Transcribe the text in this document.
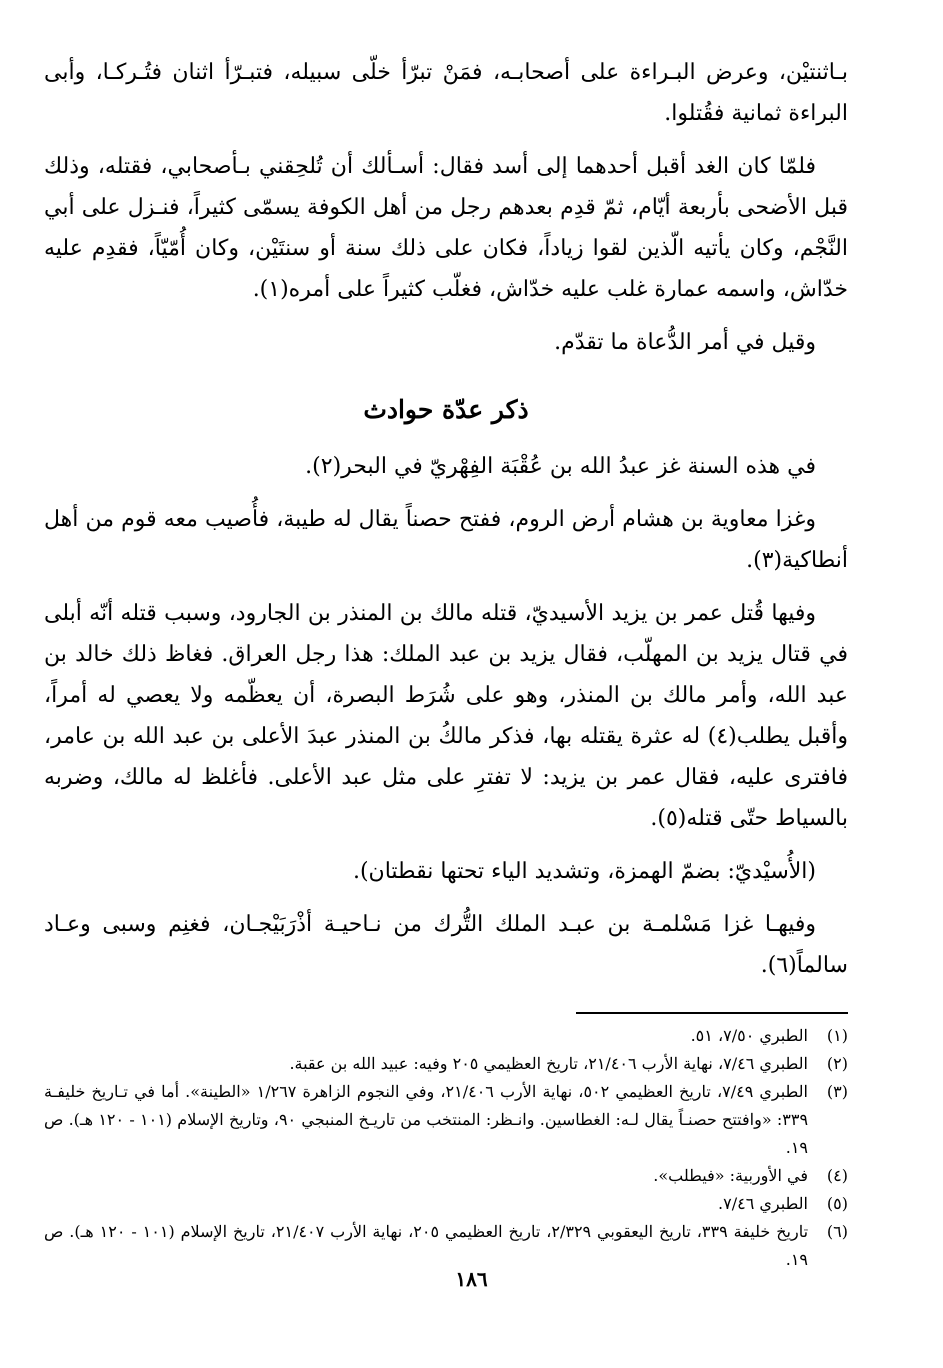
بـاثنتيْن، وعرض البـراءة على أصحابـه، فمَنْ تبرّأ خلّى سبيله، فتبـرّأ اثنان فتُـركـا، وأبى البراءة ثمانية فقُتلوا.

فلمّا كان الغد أقبل أحدهما إلى أسد فقال: أسـألك أن تُلحِقني بـأصحابي، فقتله، وذلك قبل الأضحى بأربعة أيّام، ثمّ قدِم بعدهم رجل من أهل الكوفة يسمّى كثيراً، فنـزل على أبي النَّجْم، وكان يأتيه الّذين لقوا زياداً، فكان على ذلك سنة أو سنتَيْن، وكان أُمّيّاً، فقدِم عليه خدّاش، واسمه عمارة غلب عليه خدّاش، فغلّب كثيراً على أمره(١).

وقيل في أمر الدُّعاة ما تقدّم.

ذكر عدّة حوادث

في هذه السنة غز عبدُ الله بن عُقْبَة الفِهْريّ في البحر(٢).

وغزا معاوية بن هشام أرض الروم، ففتح حصناً يقال له طيبة، فأُصيب معه قوم من أهل أنطاكية(٣).

وفيها قُتل عمر بن يزيد الأسيديّ، قتله مالك بن المنذر بن الجارود، وسبب قتله أنّه أبلى في قتال يزيد بن المهلّب، فقال يزيد بن عبد الملك: هذا رجل العراق. فغاظ ذلك خالد بن عبد الله، وأمر مالك بن المنذر، وهو على شُرَط البصرة، أن يعظّمه ولا يعصي له أمراً، وأقبل يطلب(٤) له عثرة يقتله بها، فذكر مالكُ بن المنذر عبدَ الأعلى بن عبد الله بن عامر، فافترى عليه، فقال عمر بن يزيد: لا تفترِ على مثل عبد الأعلى. فأغلظ له مالك، وضربه بالسياط حتّى قتله(٥).

(الأُسيْديّ: بضمّ الهمزة، وتشديد الياء تحتها نقطتان).

وفيهـا غزا مَسْلمـة بن عبـد الملك التُّرك من نـاحيـة أذْرَبَيْجـان، فغنِم وسبى وعـاد سالماً(٦).

(١)
الطبري ٧/٥٠، ٥١.
(٢)
الطبري ٧/٤٦، نهاية الأرب ٢١/٤٠٦، تاريخ العظيمي ٢٠٥ وفيه: عبيد الله بن عقبة.
(٣)
الطبري ٧/٤٩، تاريخ العظيمي ٥٠٢، نهاية الأرب ٢١/٤٠٦، وفي النجوم الزاهرة ١/٢٦٧ «الطينة». أما في تـاريخ خليفـة ٣٣٩: «وافتتح حصنـاً يقال لـه: الغطاسين. وانـظر: المنتخب من تاريـخ المنبجي ٩٠، وتاريخ الإسلام (١٠١ - ١٢٠ هـ). ص ١٩.
(٤)
في الأوربية: «فيطلب».
(٥)
الطبري ٧/٤٦.
(٦)
تاريخ خليفة ٣٣٩، تاريخ اليعقوبي ٢/٣٢٩، تاريخ العظيمي ٢٠٥، نهاية الأرب ٢١/٤٠٧، تاريخ الإسلام (١٠١ - ١٢٠ هـ). ص ١٩.
١٨٦
